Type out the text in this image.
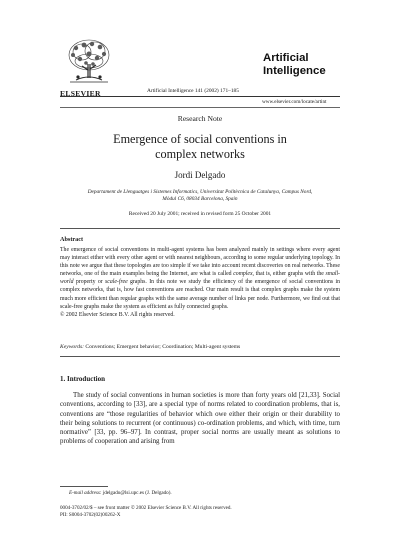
ELSEVIER	Artificial Intelligence 141 (2002) 171–185
Artificial
Intelligence
www.elsevier.com/locate/artint
Research Note
Emergence of social conventions in
complex networks
Jordi Delgado
Departament de Llenguatges i Sistemes Informatics, Universitat Politècnica de Catalunya, Campus Nord,
Mòdul C6, 08034 Barcelona, Spain
Received 20 July 2001; received in revised form 25 October 2001
Abstract

The emergence of social conventions in multi-agent systems has been analyzed mainly in settings where every agent may interact either with every other agent or with nearest neighbours, according to some regular underlying topology. In this note we argue that these topologies are too simple if we take into account recent discoveries on real networks. These networks, one of the main examples being the Internet, are what is called complex, that is, either graphs with the small-world property or scale-free graphs. In this note we study the efficiency of the emergence of social conventions in complex networks, that is, how fast conventions are reached. Our main result is that complex graphs make the system much more efficient than regular graphs with the same average number of links per node. Furthermore, we find out that scale-free graphs make the system as efficient as fully connected graphs.

© 2002 Elsevier Science B.V. All rights reserved.

Keywords: Conventions; Emergent behavior; Coordination; Multi-agent systems
1. Introduction
The study of social conventions in human societies is more than forty years old [21,33]. Social conventions, according to [33], are a special type of norms related to coordination problems, that is, conventions are “those regularities of behavior which owe either their origin or their durability to their being solutions to recurrent (or continuous) co-ordination problems, and which, with time, turn normative” [33, pp. 96–97]. In contrast, proper social norms are usually meant as solutions to problems of cooperation and arising from
E-mail address: jdelgado@lsi.upc.es (J. Delgado).
0004-3702/02/$ – see front matter © 2002 Elsevier Science B.V. All rights reserved.
PII: S0004-3702(02)00262-X
